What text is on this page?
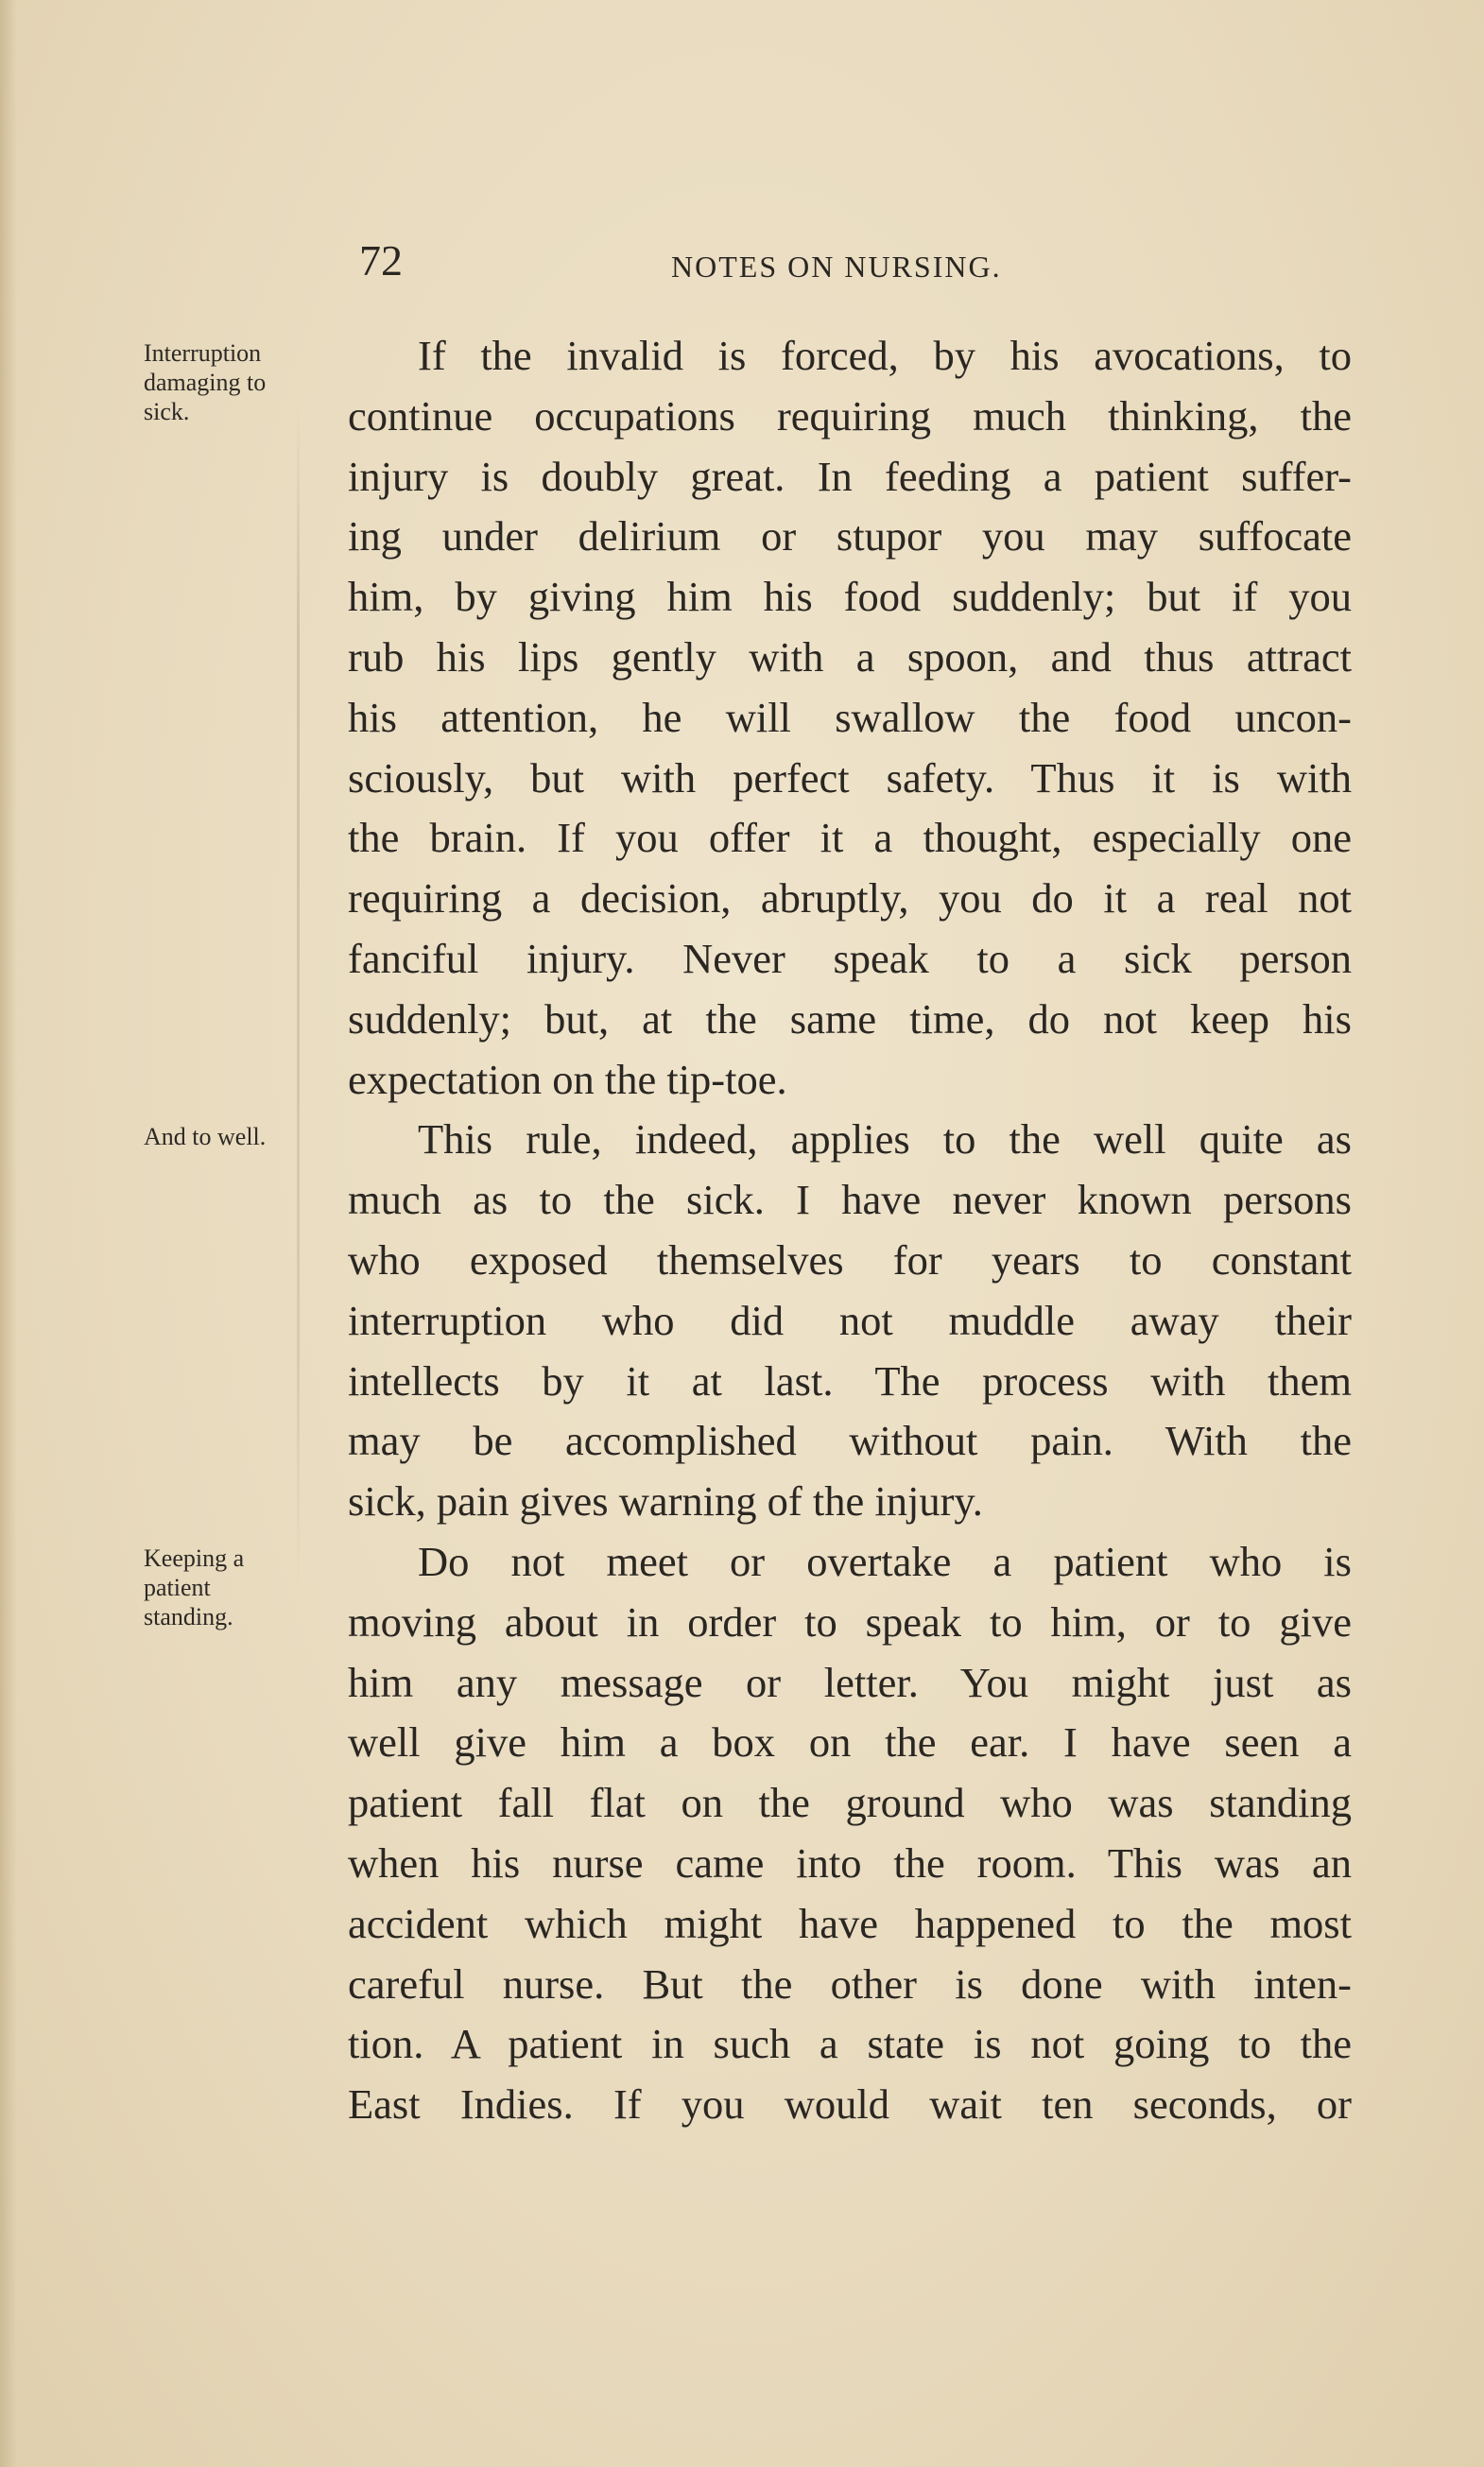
72	NOTES ON NURSING.
Interruption
damaging to
sick.
And to well.
Keeping a
patient
standing.
If the invalid is forced, by his avocations, to
continue occupations requiring much thinking, the
injury is doubly great. In feeding a patient suffer-
ing under delirium or stupor you may suffocate
him, by giving him his food suddenly; but if you
rub his lips gently with a spoon, and thus attract
his attention, he will swallow the food uncon-
sciously, but with perfect safety. Thus it is with
the brain. If you offer it a thought, especially one
requiring a decision, abruptly, you do it a real not
fanciful injury. Never speak to a sick person
suddenly; but, at the same time, do not keep his
expectation on the tip-toe.
This rule, indeed, applies to the well quite as
much as to the sick. I have never known persons
who exposed themselves for years to constant
interruption who did not muddle away their
intellects by it at last. The process with them
may be accomplished without pain. With the
sick, pain gives warning of the injury.
Do not meet or overtake a patient who is
moving about in order to speak to him, or to give
him any message or letter. You might just as
well give him a box on the ear. I have seen a
patient fall flat on the ground who was standing
when his nurse came into the room. This was an
accident which might have happened to the most
careful nurse. But the other is done with inten-
tion. A patient in such a state is not going to the
East Indies. If you would wait ten seconds, or
